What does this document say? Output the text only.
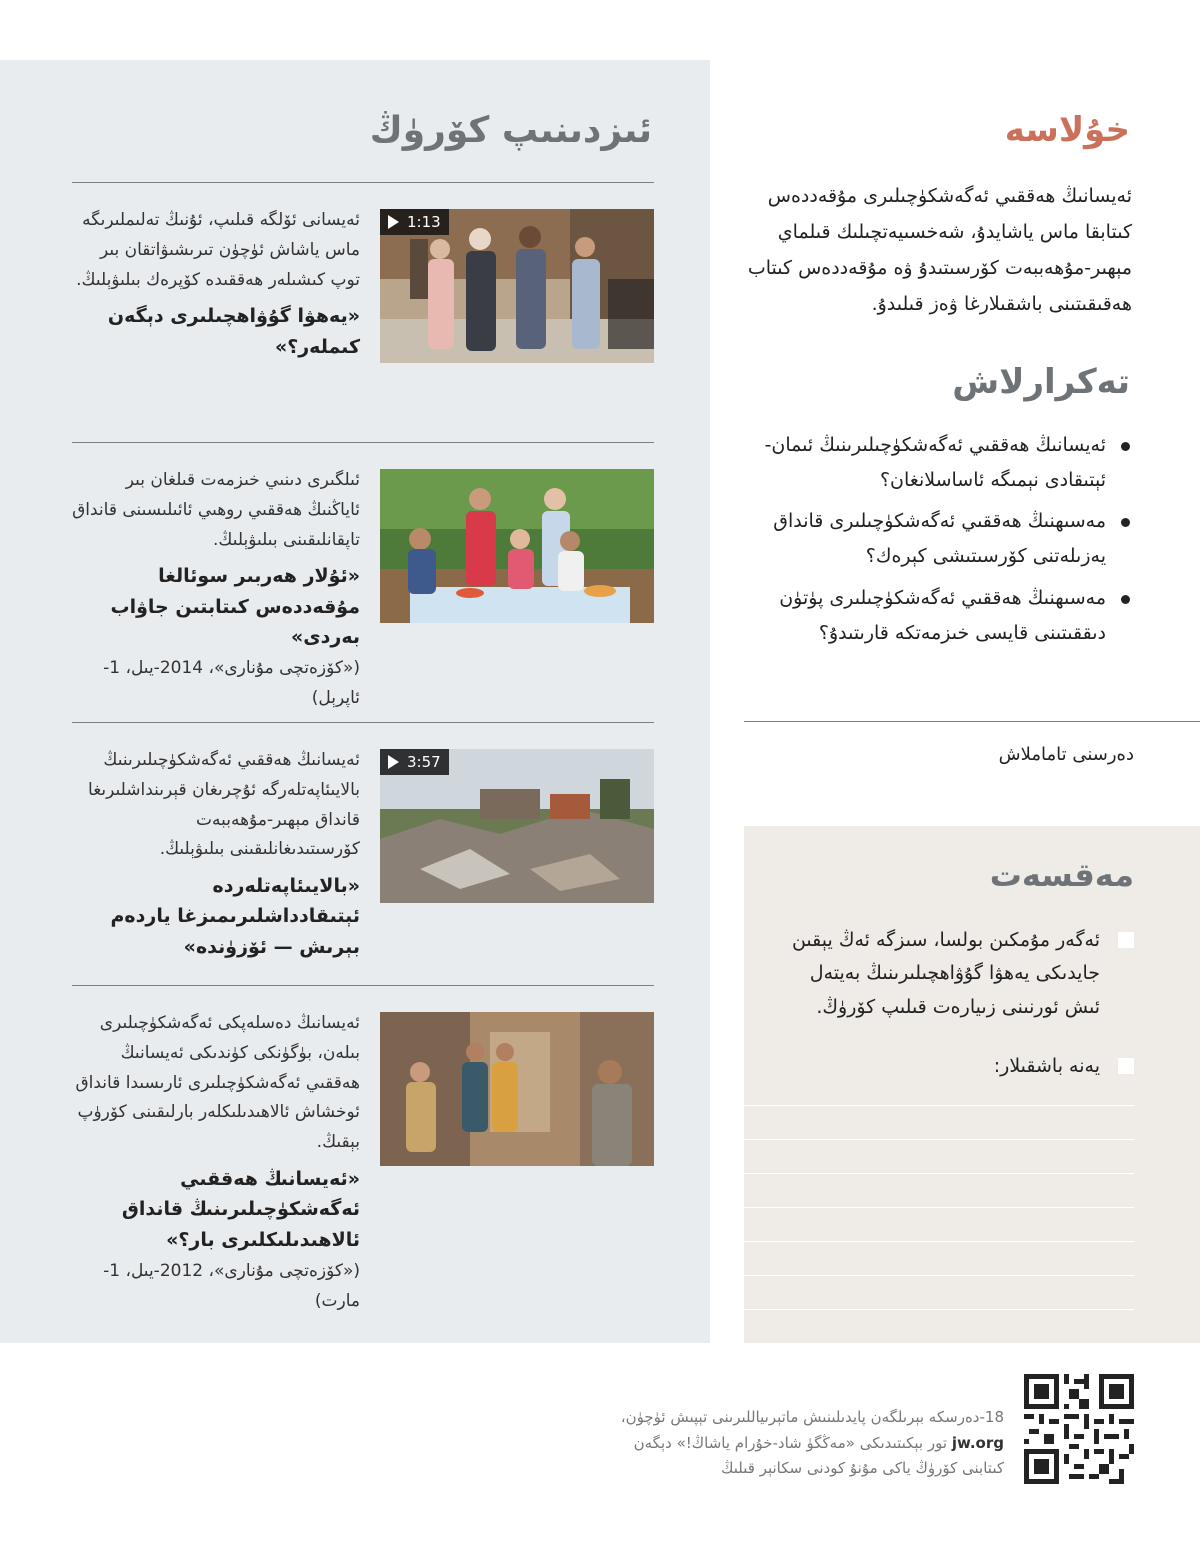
ئىزدىنىپ كۆرۈڭ
1:13
ئەيسانى ئۆلگە قىلىپ، ئۇنىڭ تەلىملىرىگە ماس ياشاش ئۈچۈن تىرىشىۋاتقان بىر توپ كىشىلەر ھەققىدە كۆپرەك بىلىۋېلىڭ.
«يەھۋا گۇۋاھچىلىرى دېگەن كىملەر؟»
ئىلگىرى دىنىي خىزمەت قىلغان بىر ئاياڭنىڭ ھەققىي روھىي ئائىلىسىنى قانداق تاپقانلىقىنى بىلىۋېلىڭ.
«ئۇلار ھەربىر سوئالغا مۇقەددەس كىتابتىن جاۋاب بەردى»
(«كۆزەتچى مۇنارى»، 2014-يىل، 1-ئاپرېل)
3:57
ئەيسانىڭ ھەققىي ئەگەشكۈچىلىرىنىڭ بالايىئاپەتلەرگە ئۇچرىغان قېرىنداشلىرىغا قانداق مېھىر-مۇھەببەت كۆرسىتىدىغانلىقىنى بىلىۋېلىڭ.
«بالايىئاپەتلەردە ئېتىقادداشلىرىمىزغا ياردەم بېرىش — ئۆزۈندە»
ئەيسانىڭ دەسلەپكى ئەگەشكۈچىلىرى بىلەن، بۈگۈنكى كۈندىكى ئەيسانىڭ ھەققىي ئەگەشكۈچىلىرى ئارىسىدا قانداق ئوخشاش ئالاھىدىلىكلەر بارلىقىنى كۆرۈپ بېقىڭ.
«ئەيسانىڭ ھەققىي ئەگەشكۈچىلىرىنىڭ قانداق ئالاھىدىلىكلىرى بار؟»
(«كۆزەتچى مۇنارى»، 2012-يىل، 1-مارت)
خۇلاسە
ئەيسانىڭ ھەققىي ئەگەشكۈچىلىرى مۇقەددەس كىتابقا ماس ياشايدۇ، شەخسىيەتچىلىك قىلماي مېھىر-مۇھەببەت كۆرسىتىدۇ ۋە مۇقەددەس كىتاب ھەقىقىتىنى باشقىلارغا ۋەز قىلىدۇ.
تەكرارلاش
ئەيسانىڭ ھەققىي ئەگەشكۈچىلىرىنىڭ ئىمان-ئېتىقادى نېمىگە ئاساسلانغان؟
مەسىھنىڭ ھەققىي ئەگەشكۈچىلىرى قانداق يەزىلەتنى كۆرسىتىشى كېرەك؟
مەسىھنىڭ ھەققىي ئەگەشكۈچىلىرى پۈتۈن دىققىتىنى قايسى خىزمەتكە قارىتىدۇ؟
دەرسنى تاماملاش
مەقسەت
ئەگەر مۇمكىن بولسا، سىزگە ئەڭ يېقىن جايدىكى يەھۋا گۇۋاھچىلىرىنىڭ بەيتەل ئىش ئورنىنى زىيارەت قىلىپ كۆرۈڭ.
يەنە باشقىلار:
18-دەرسكە بېرىلگەن پايدىلىنىش ماتېرىياللىرىنى تېپىش ئۈچۈن،
jw.org تور بېكىتىدىكى «مەڭگۈ شاد-خۇرام ياشاڭ!» دېگەن
كىتابنى كۆرۈڭ ياكى مۇنۇ كودنى سكانېر قىلىڭ
